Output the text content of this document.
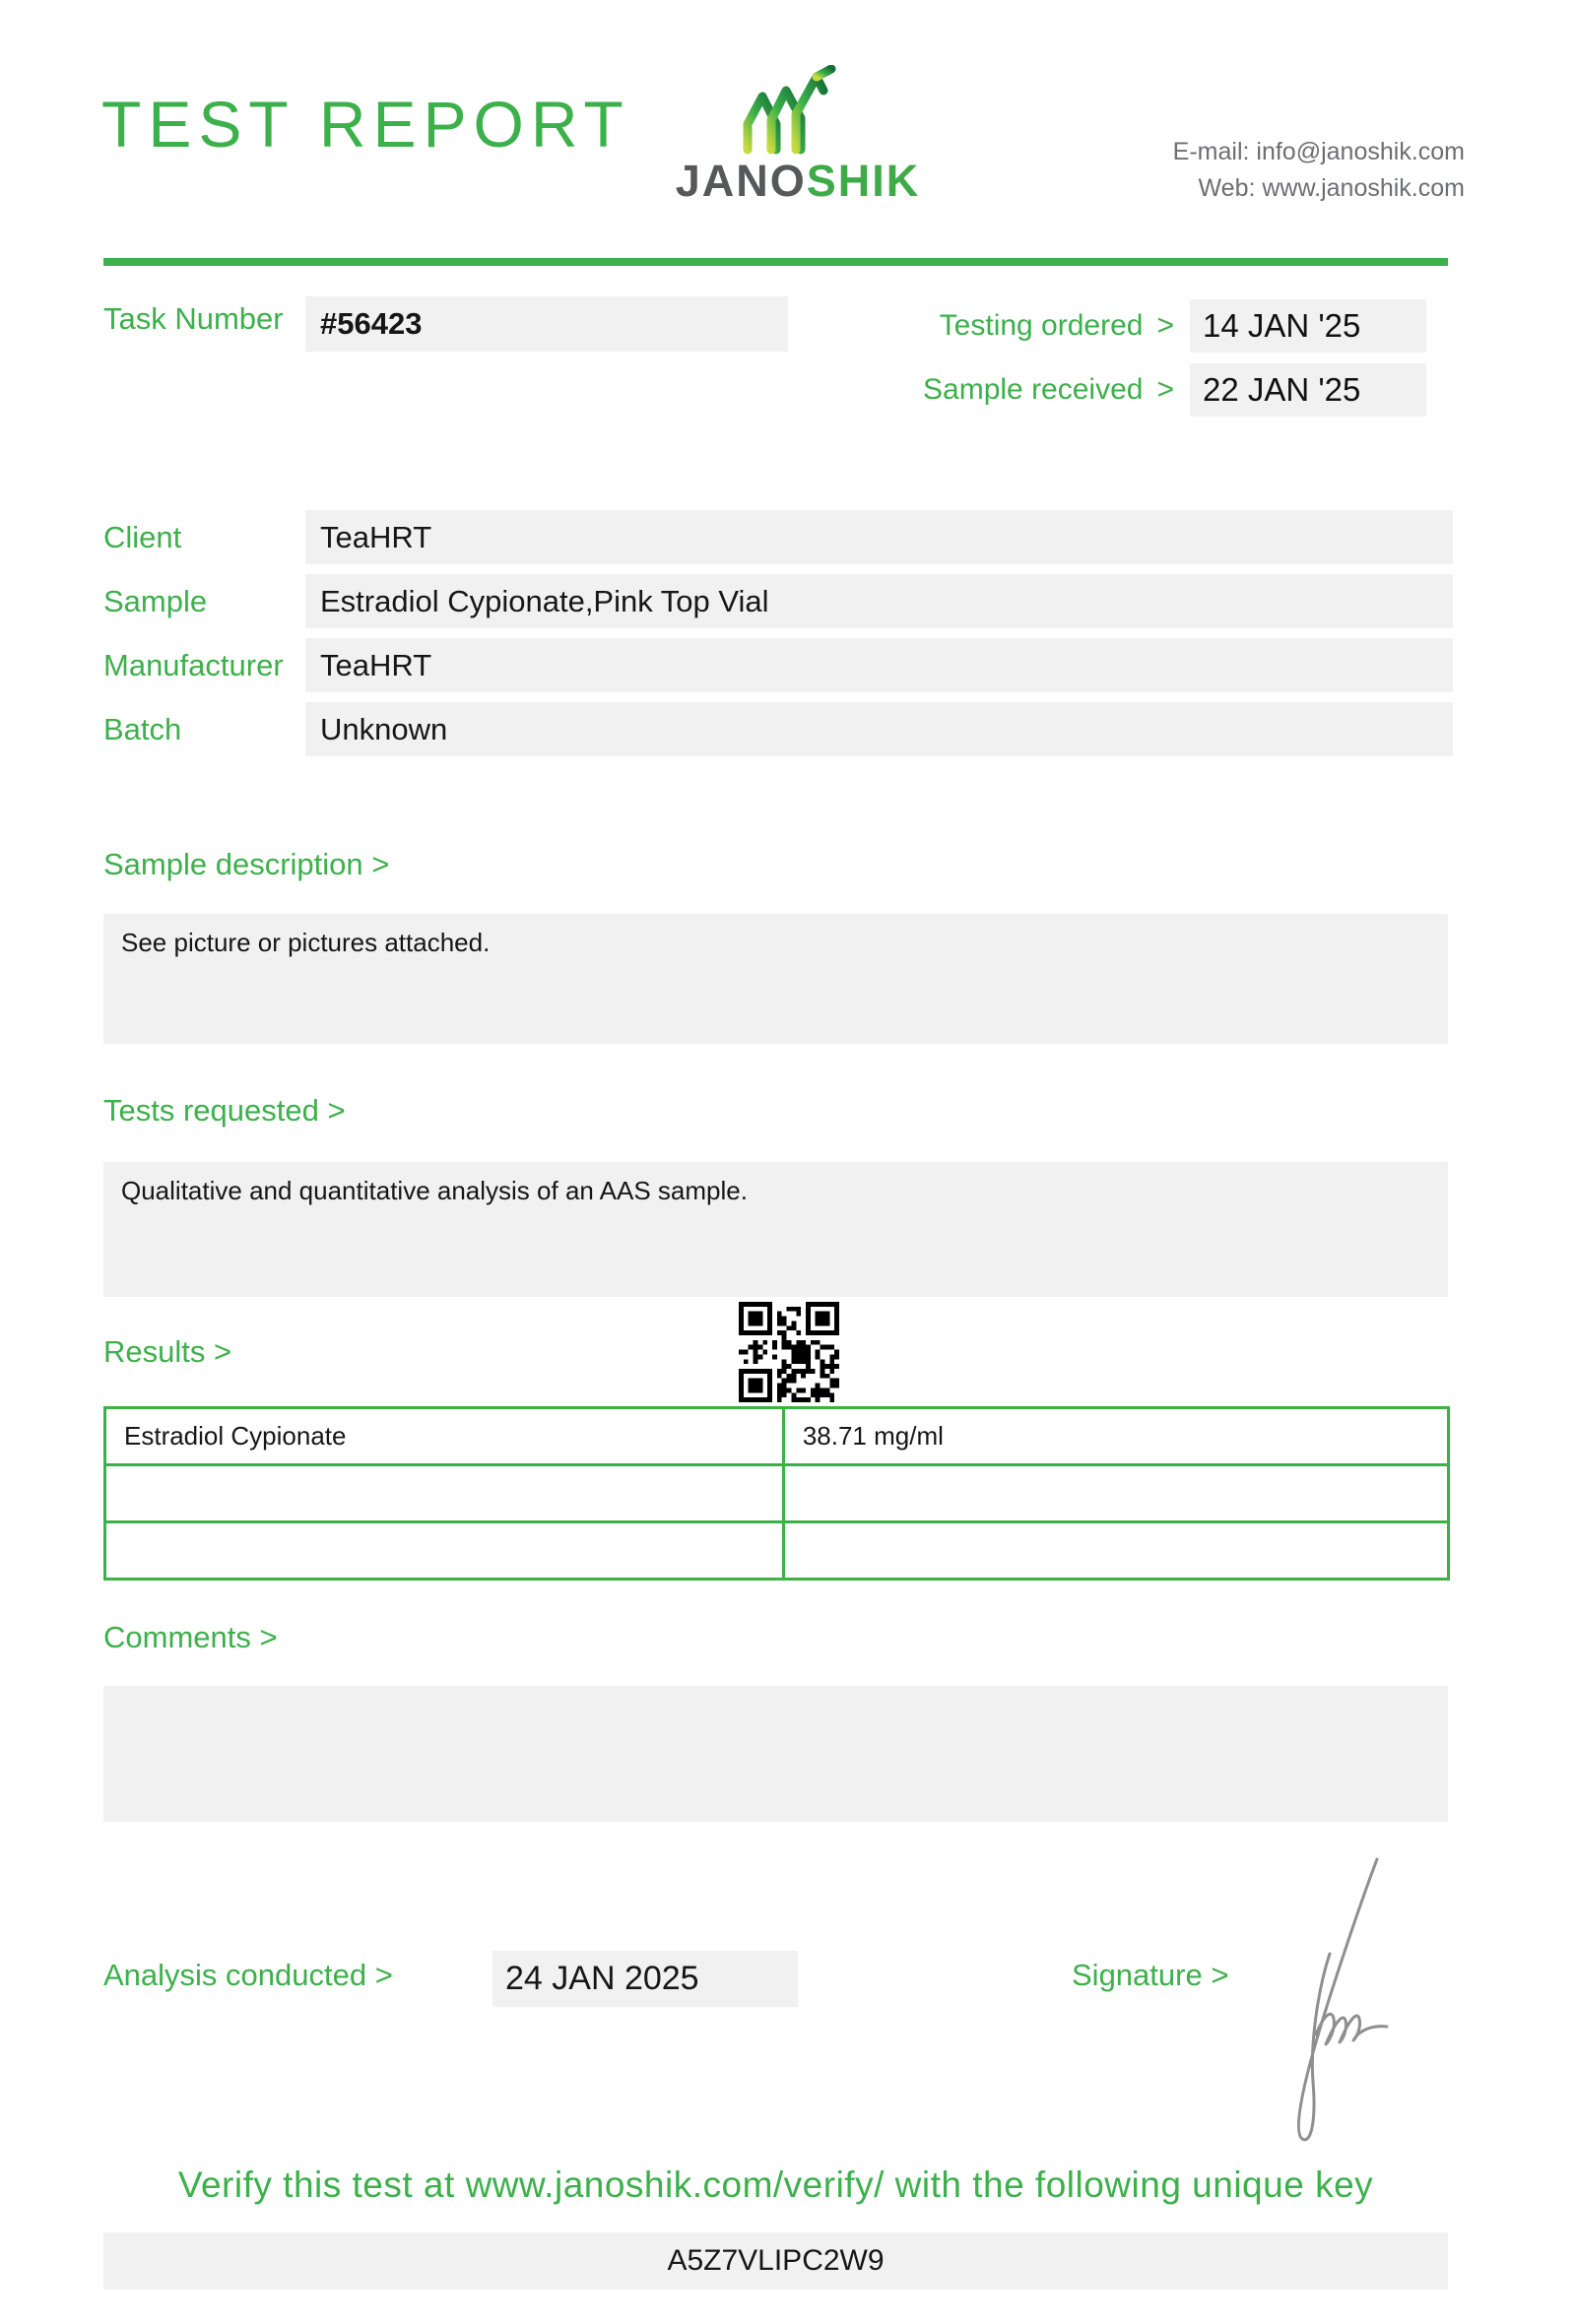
TEST REPORT
JANOSHIK
E-mail: info@janoshik.com
Web: www.janoshik.com
Task Number	#56423	Testing ordered > 14 JAN '25
Sample received > 22 JAN '25
Client	TeaHRT
Sample	Estradiol Cypionate,Pink Top Vial
Manufacturer	TeaHRT
Batch	Unknown
Sample description >
See picture or pictures attached.
Tests requested >
Qualitative and quantitative analysis of an AAS sample.
Results >
Estradiol Cypionate	38.71 mg/ml

Comments >
Analysis conducted >	24 JAN 2025	Signature >
Verify this test at www.janoshik.com/verify/ with the following unique key
A5Z7VLIPC2W9
